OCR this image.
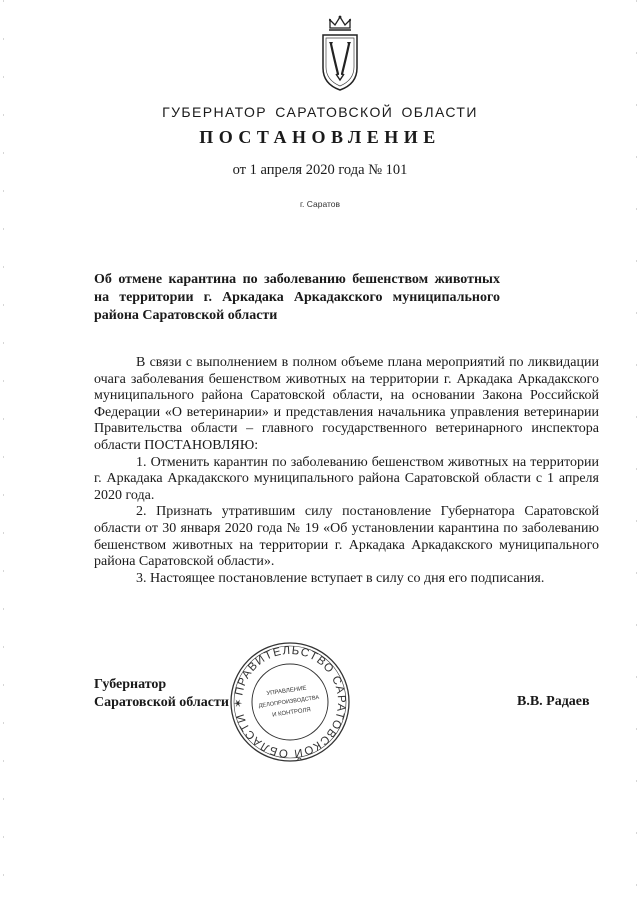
ГУБЕРНАТОР САРАТОВСКОЙ ОБЛАСТИ
ПОСТАНОВЛЕНИЕ
от 1 апреля 2020 года № 101
г. Саратов
Об отмене карантина по заболеванию бешенством животных на территории г. Аркадака Аркадакского муниципального района Саратовской области

В связи с выполнением в полном объеме плана мероприятий по ликвидации очага заболевания бешенством животных на территории г. Аркадака Аркадакского муниципального района Саратовской области, на основании Закона Российской Федерации «О ветеринарии» и представления начальника управления ветеринарии Правительства области – главного государственного ветеринарного инспектора области ПОСТАНОВЛЯЮ:

1. Отменить карантин по заболеванию бешенством животных на территории г. Аркадака Аркадакского муниципального района Саратовской области с 1 апреля 2020 года.

2. Признать утратившим силу постановление Губернатора Саратовской области от 30 января 2020 года № 19 «Об установлении карантина по заболеванию бешенством животных на территории г. Аркадака Аркадакского муниципального района Саратовской области».

3. Настоящее постановление вступает в силу со дня его подписания.

Губернатор
Саратовской области	В.В. Радаев
ПРАВИТЕЛЬСТВО САРАТОВСКОЙ ОБЛАСТИ ✶
УПРАВЛЕНИЕ
ДЕЛОПРОИЗВОДСТВА
И КОНТРОЛЯ
